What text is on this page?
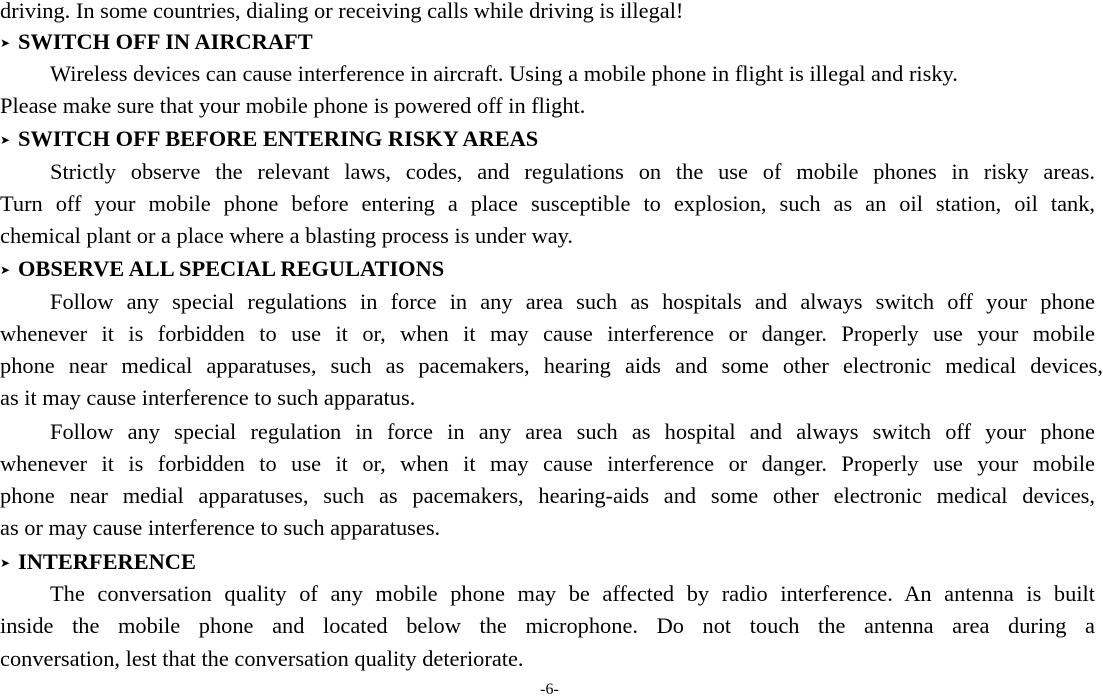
driving. In some countries, dialing or receiving calls while driving is illegal!
➤ SWITCH OFF IN AIRCRAFT
Wireless devices can cause interference in aircraft. Using a mobile phone in flight is illegal and risky.
Please make sure that your mobile phone is powered off in flight.
➤ SWITCH OFF BEFORE ENTERING RISKY AREAS
Strictly observe the relevant laws, codes, and regulations on the use of mobile phones in risky areas.
Turn off your mobile phone before entering a place susceptible to explosion, such as an oil station, oil tank,
chemical plant or a place where a blasting process is under way.
➤ OBSERVE ALL SPECIAL REGULATIONS
Follow any special regulations in force in any area such as hospitals and always switch off your phone
whenever it is forbidden to use it or, when it may cause interference or danger. Properly use your mobile
phone near medical apparatuses, such as pacemakers, hearing aids and some other electronic medical devices,
as it may cause interference to such apparatus.
Follow any special regulation in force in any area such as hospital and always switch off your phone
whenever it is forbidden to use it or, when it may cause interference or danger. Properly use your mobile
phone near medial apparatuses, such as pacemakers, hearing-aids and some other electronic medical devices,
as or may cause interference to such apparatuses.
➤ INTERFERENCE
The conversation quality of any mobile phone may be affected by radio interference. An antenna is built
inside the mobile phone and located below the microphone. Do not touch the antenna area during a
conversation, lest that the conversation quality deteriorate.
-6-
